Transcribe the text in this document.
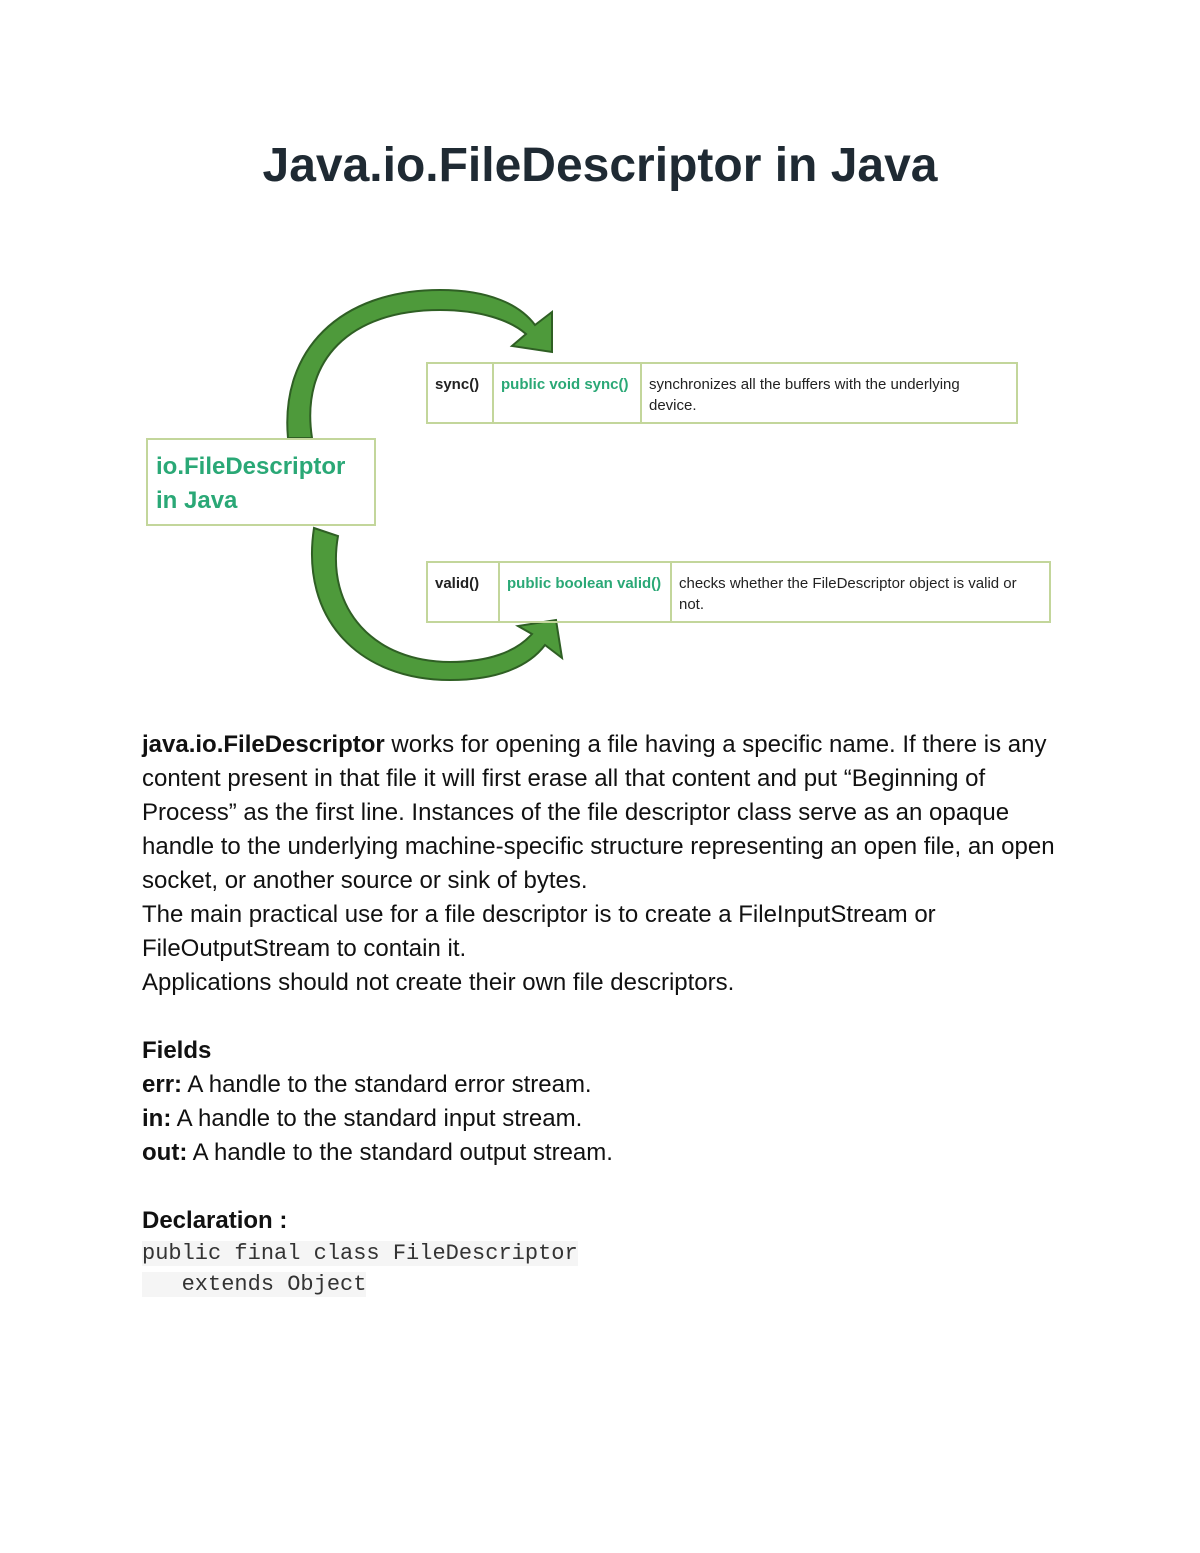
Java.io.FileDescriptor in Java
io.FileDescriptor
in Java
sync()	public void sync()	synchronizes all the buffers with the underlying device.
valid()	public boolean valid()	checks whether the FileDescriptor object is valid or not.

java.io.FileDescriptor works for opening a file having a specific name. If there is any content present in that file it will first erase all that content and put “Beginning of Process” as the first line. Instances of the file descriptor class serve as an opaque handle to the underlying machine-specific structure representing an open file, an open socket, or another source or sink of bytes.

The main practical use for a file descriptor is to create a FileInputStream or FileOutputStream to contain it.

Applications should not create their own file descriptors.

Fields

err: A handle to the standard error stream.

in: A handle to the standard input stream.

out: A handle to the standard output stream.

Declaration :

public final class FileDescriptor
extends Object
